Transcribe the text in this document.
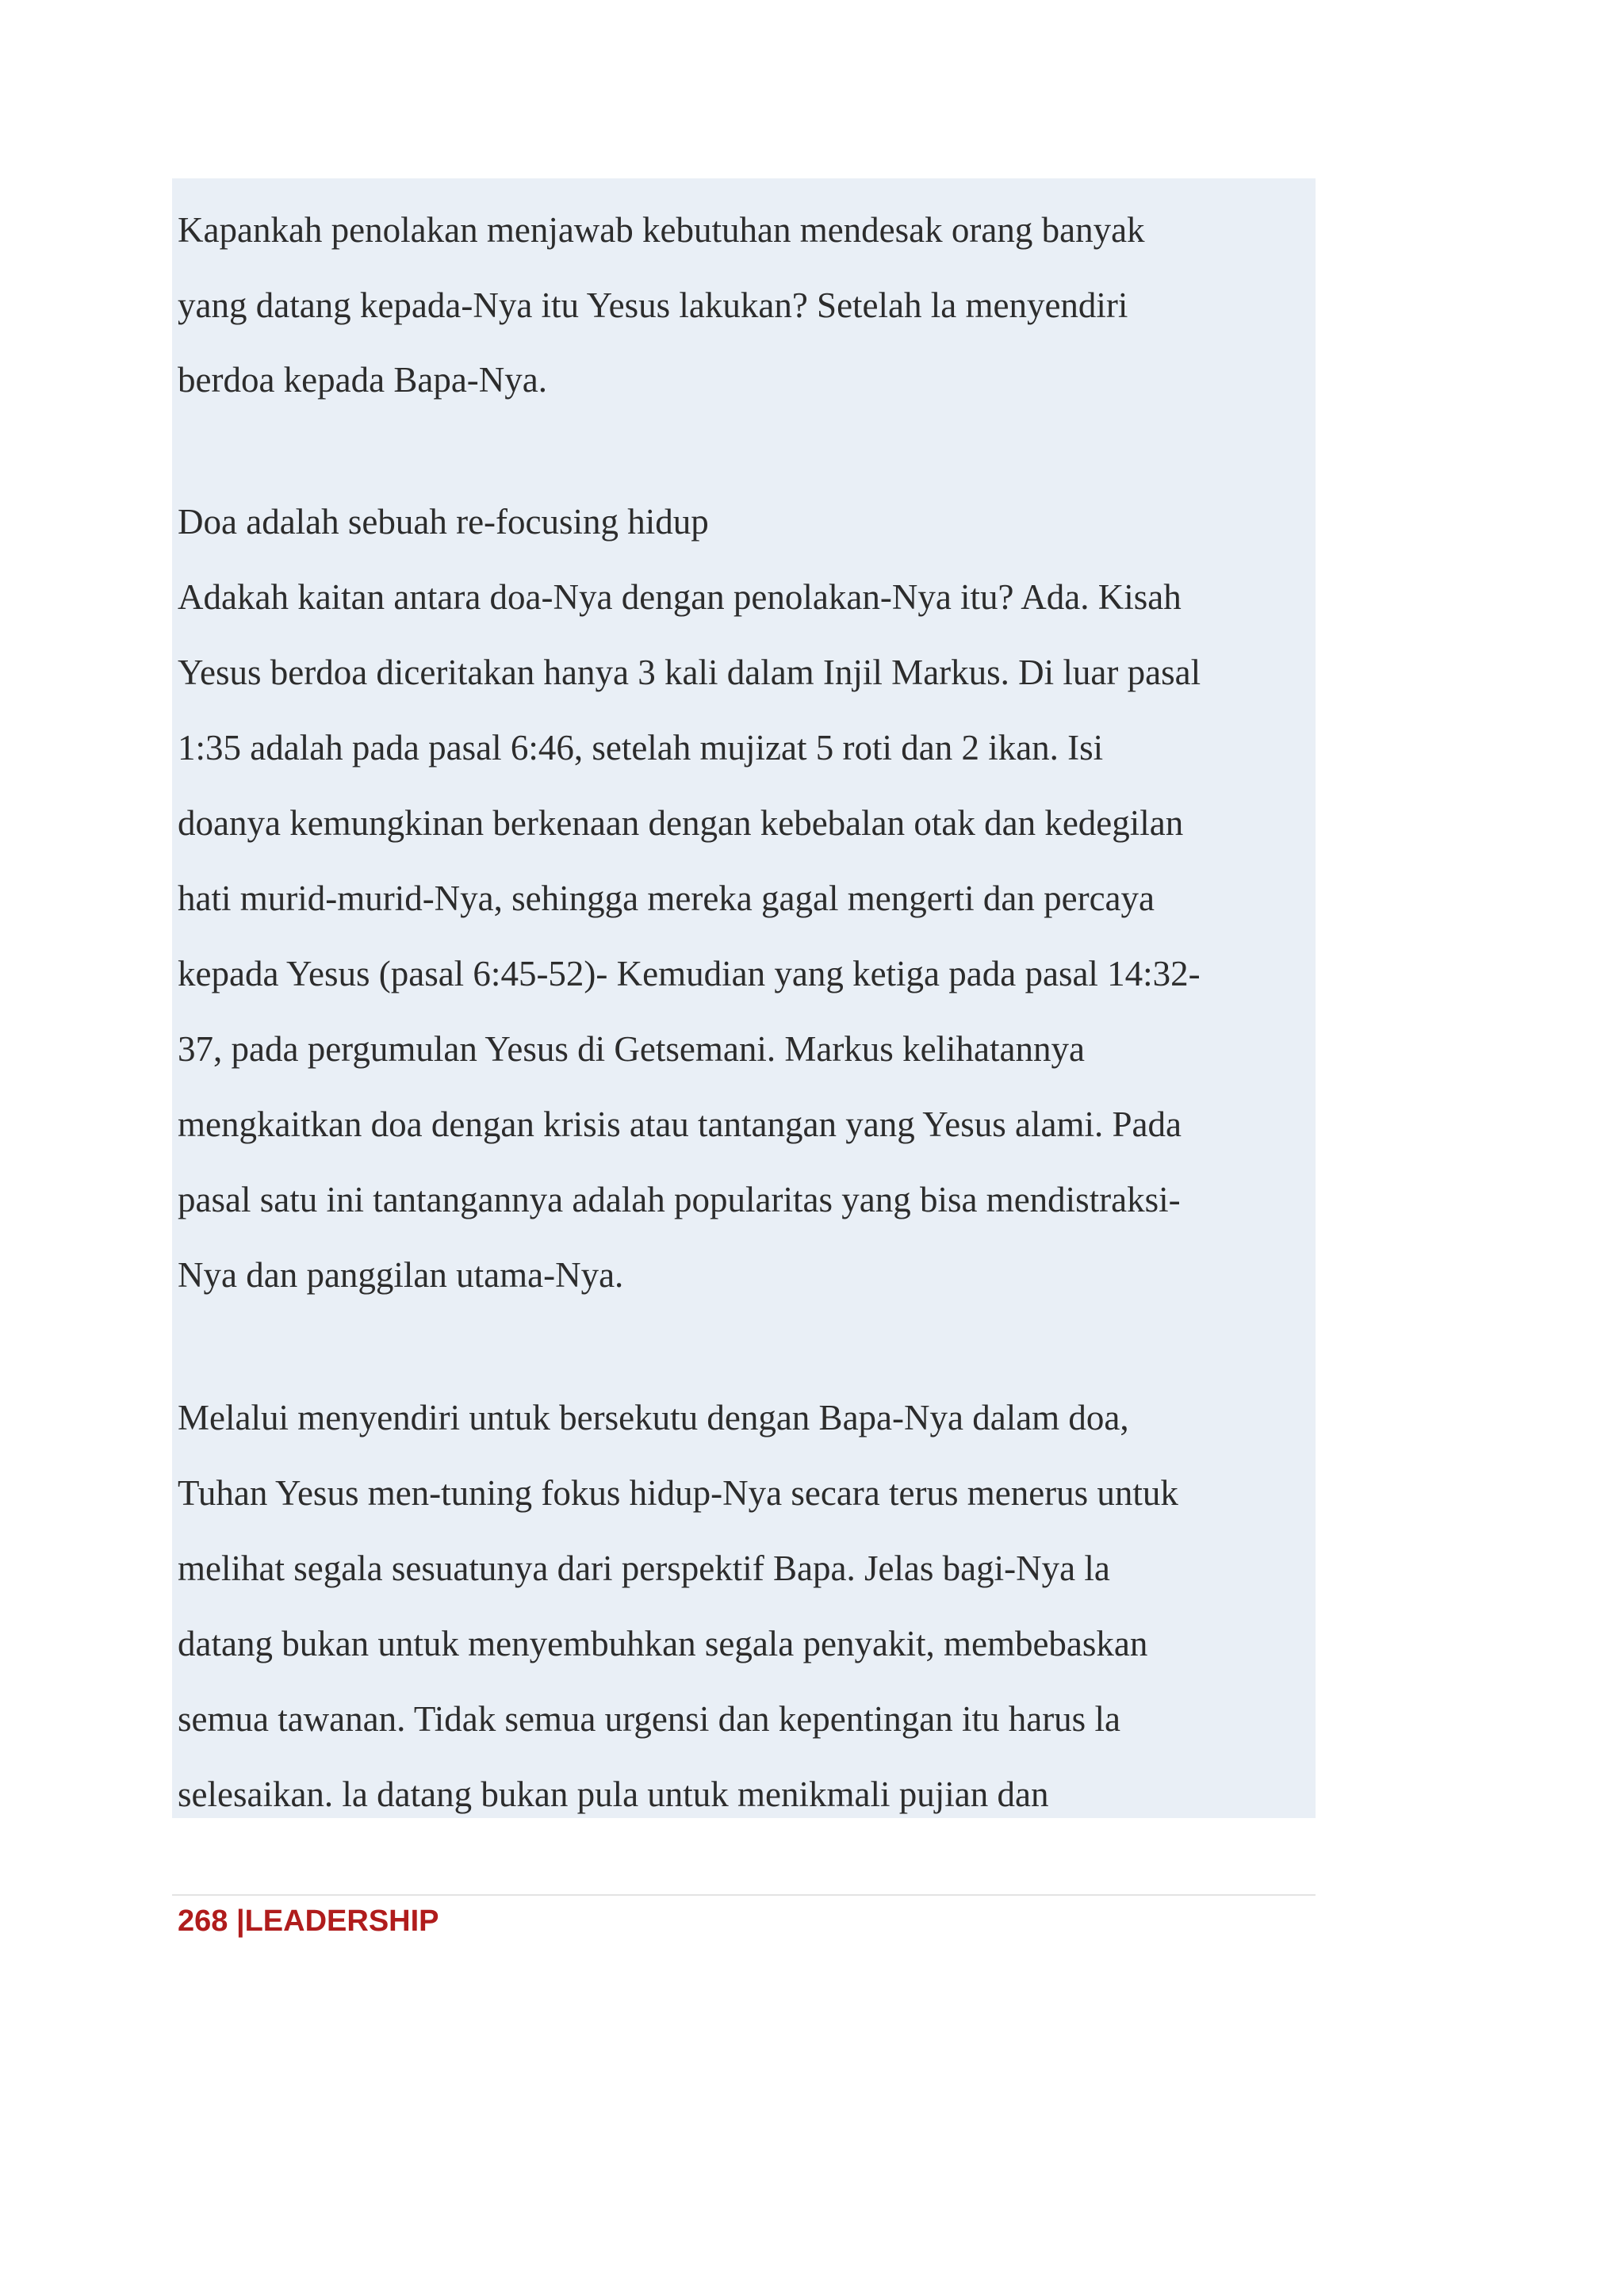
Kapankah penolakan menjawab kebutuhan mendesak orang banyak
yang datang kepada-Nya itu Yesus lakukan? Setelah la menyendiri
berdoa kepada Bapa-Nya.
Doa adalah sebuah re-focusing hidup
Adakah kaitan antara doa-Nya dengan penolakan-Nya itu? Ada. Kisah
Yesus berdoa diceritakan hanya 3 kali dalam Injil Markus. Di luar pasal
1:35 adalah pada pasal 6:46, setelah mujizat 5 roti dan 2 ikan. Isi
doanya kemungkinan berkenaan dengan kebebalan otak dan kedegilan
hati murid-murid-Nya, sehingga mereka gagal mengerti dan percaya
kepada Yesus (pasal 6:45-52)- Kemudian yang ketiga pada pasal 14:32-
37, pada pergumulan Yesus di Getsemani. Markus kelihatannya
mengkaitkan doa dengan krisis atau tantangan yang Yesus alami. Pada
pasal satu ini tantangannya adalah popularitas yang bisa mendistraksi-
Nya dan panggilan utama-Nya.
Melalui menyendiri untuk bersekutu dengan Bapa-Nya dalam doa,
Tuhan Yesus men-tuning fokus hidup-Nya secara terus menerus untuk
melihat segala sesuatunya dari perspektif Bapa. Jelas bagi-Nya la
datang bukan untuk menyembuhkan segala penyakit, membebaskan
semua tawanan. Tidak semua urgensi dan kepentingan itu harus la
selesaikan. la datang bukan pula untuk menikmali pujian dan
268 |LEADERSHIP
